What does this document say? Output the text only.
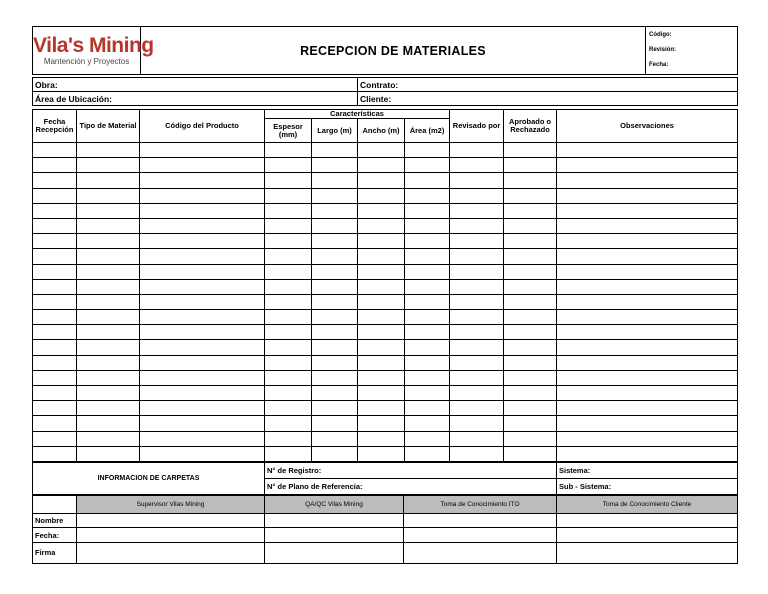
Vila's Mining
Mantención y Proyectos
	RECEPCION DE MATERIALES	
Código:
Revisión:
Fecha:
Obra:	Contrato:
Área de Ubicación:	Cliente:
Fecha Recepción	Tipo de Material	Código del Producto	Características				Revisado por	Aprobado o Rechazado	Observaciones
			Espesor (mm)	Largo (m)	Ancho (m)	Área (m2)			

INFORMACION DE CARPETAS	N° de Registro:	Sistema:
	N° de Plano de Referencia:	Sub - Sistema:
	Supervisor Vilas Mining	QA/QC Vilas Mining	Toma de Conocimiento ITO	Toma de Conocimiento Cliente
Nombre				
Fecha:				
Firma				
